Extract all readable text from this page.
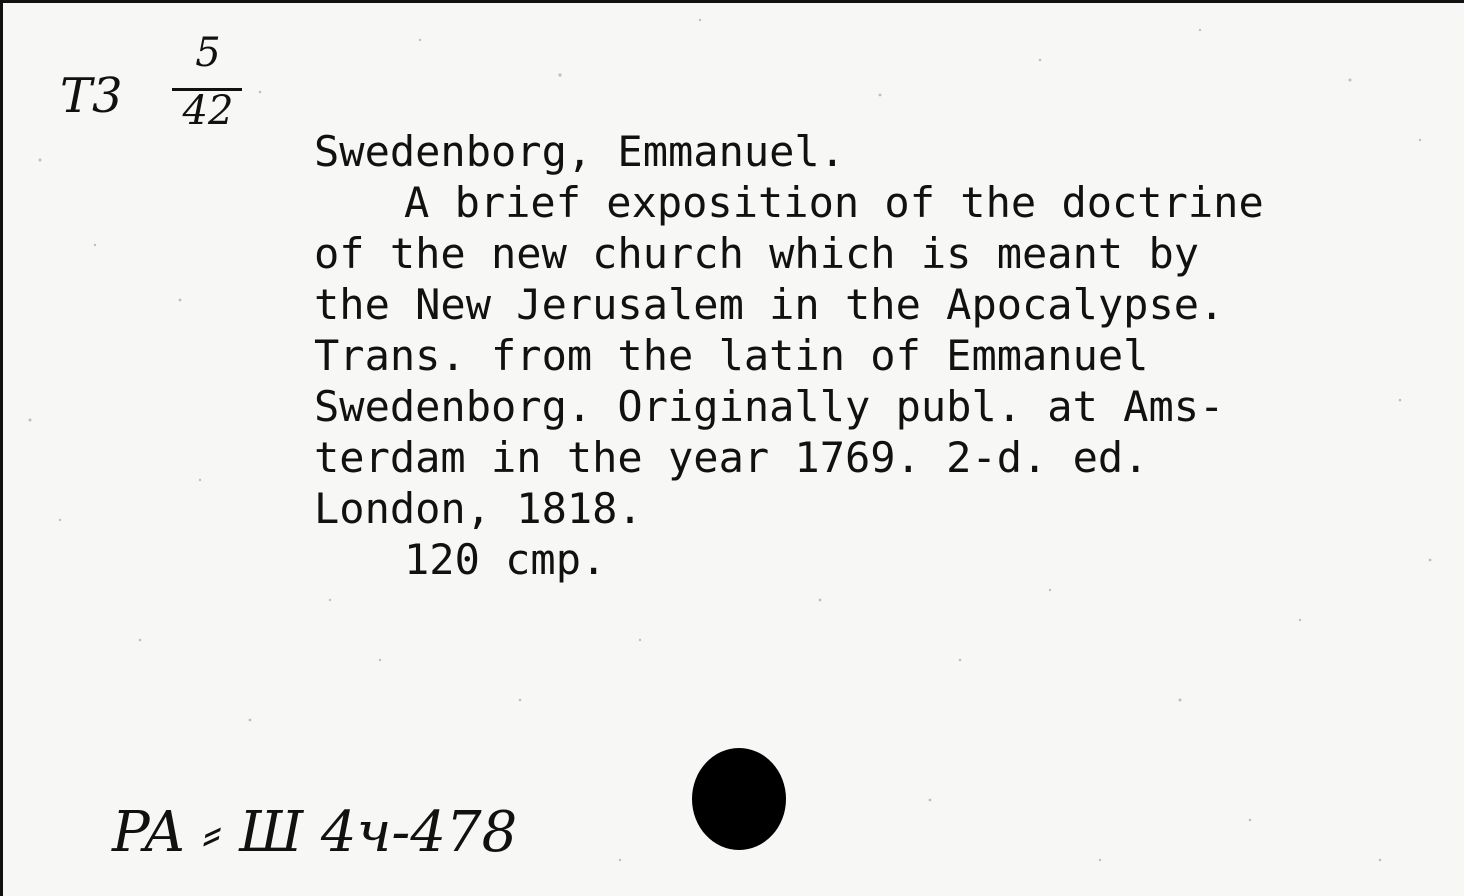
T3
5
42
Swedenborg, Emmanuel.
A brief exposition of the doctrine
of the new church which is meant by
the New Jerusalem in the Apocalypse.
Trans. from the latin of Emmanuel
Swedenborg. Originally publ. at Ams-
terdam in the year 1769. 2-d. ed.
London, 1818.
120 cmp.
PA ⸗ Ш 4ч-478
